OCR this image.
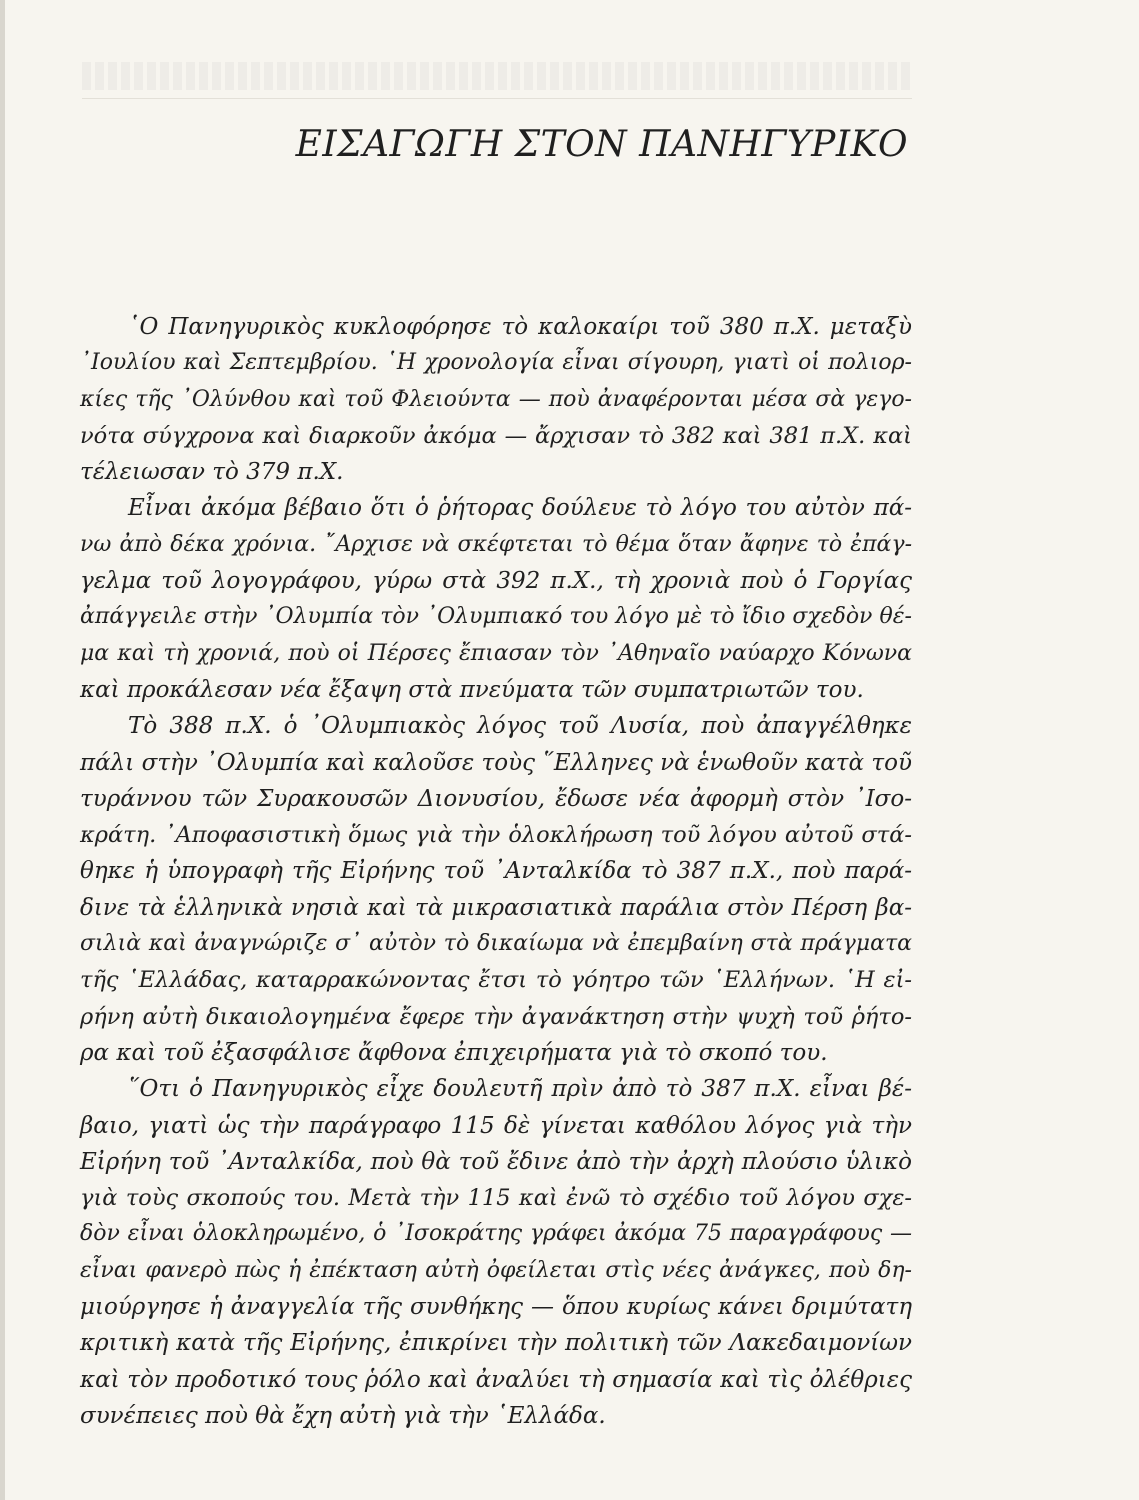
ΕΙΣΑΓΩΓΗ ΣΤΟΝ ΠΑΝΗΓΥΡΙΚΟ
῾Ο Πανηγυρικὸς κυκλοφόρησε τὸ καλοκαίρι τοῦ 380 π.Χ. μεταξὺ
᾿Ιουλίου καὶ Σεπτεμβρίου. ῾Η χρονολογία εἶναι σίγουρη, γιατὶ οἱ πολιορ-
κίες τῆς ᾿Ολύνθου καὶ τοῦ Φλειούντα — ποὺ ἀναφέρονται μέσα σὰ γεγο-
νότα σύγχρονα καὶ διαρκοῦν ἀκόμα — ἄρχισαν τὸ 382 καὶ 381 π.Χ. καὶ
τέλειωσαν τὸ 379 π.Χ.
Εἶναι ἀκόμα βέβαιο ὅτι ὁ ῥήτορας δούλευε τὸ λόγο του αὐτὸν πά-
νω ἀπὸ δέκα χρόνια. ῎Αρχισε νὰ σκέφτεται τὸ θέμα ὅταν ἄφηνε τὸ ἐπάγ-
γελμα τοῦ λογογράφου, γύρω στὰ 392 π.Χ., τὴ χρονιὰ ποὺ ὁ Γοργίας
ἀπάγγειλε στὴν ᾿Ολυμπία τὸν ᾿Ολυμπιακό του λόγο μὲ τὸ ἴδιο σχεδὸν θέ-
μα καὶ τὴ χρονιά, ποὺ οἱ Πέρσες ἔπιασαν τὸν ᾿Αθηναῖο ναύαρχο Κόνωνα
καὶ προκάλεσαν νέα ἔξαψη στὰ πνεύματα τῶν συμπατριωτῶν του.
Τὸ 388 π.Χ. ὁ ᾿Ολυμπιακὸς λόγος τοῦ Λυσία, ποὺ ἀπαγγέλθηκε
πάλι στὴν ᾿Ολυμπία καὶ καλοῦσε τοὺς ῞Ελληνες νὰ ἑνωθοῦν κατὰ τοῦ
τυράννου τῶν Συρακουσῶν Διονυσίου, ἔδωσε νέα ἀφορμὴ στὸν ᾿Ισο-
κράτη. ᾿Αποφασιστικὴ ὅμως γιὰ τὴν ὁλοκλήρωση τοῦ λόγου αὐτοῦ στά-
θηκε ἡ ὑπογραφὴ τῆς Εἰρήνης τοῦ ᾿Ανταλκίδα τὸ 387 π.Χ., ποὺ παρά-
δινε τὰ ἑλληνικὰ νησιὰ καὶ τὰ μικρασιατικὰ παράλια στὸν Πέρση βα-
σιλιὰ καὶ ἀναγνώριζε σ᾿ αὐτὸν τὸ δικαίωμα νὰ ἐπεμβαίνη στὰ πράγματα
τῆς ῾Ελλάδας, καταρρακώνοντας ἔτσι τὸ γόητρο τῶν ῾Ελλήνων. ῾Η εἰ-
ρήνη αὐτὴ δικαιολογημένα ἔφερε τὴν ἀγανάκτηση στὴν ψυχὴ τοῦ ῥήτο-
ρα καὶ τοῦ ἐξασφάλισε ἄφθονα ἐπιχειρήματα γιὰ τὸ σκοπό του.
῞Οτι ὁ Πανηγυρικὸς εἶχε δουλευτῆ πρὶν ἀπὸ τὸ 387 π.Χ. εἶναι βέ-
βαιο, γιατὶ ὡς τὴν παράγραφο 115 δὲ γίνεται καθόλου λόγος γιὰ τὴν
Εἰρήνη τοῦ ᾿Ανταλκίδα, ποὺ θὰ τοῦ ἔδινε ἀπὸ τὴν ἀρχὴ πλούσιο ὑλικὸ
γιὰ τοὺς σκοπούς του. Μετὰ τὴν 115 καὶ ἐνῶ τὸ σχέδιο τοῦ λόγου σχε-
δὸν εἶναι ὁλοκληρωμένο, ὁ ᾿Ισοκράτης γράφει ἀκόμα 75 παραγράφους —
εἶναι φανερὸ πὼς ἡ ἐπέκταση αὐτὴ ὀφείλεται στὶς νέες ἀνάγκες, ποὺ δη-
μιούργησε ἡ ἀναγγελία τῆς συνθήκης — ὅπου κυρίως κάνει δριμύτατη
κριτικὴ κατὰ τῆς Εἰρήνης, ἐπικρίνει τὴν πολιτικὴ τῶν Λακεδαιμονίων
καὶ τὸν προδοτικό τους ῥόλο καὶ ἀναλύει τὴ σημασία καὶ τὶς ὀλέθριες
συνέπειες ποὺ θὰ ἔχη αὐτὴ γιὰ τὴν ῾Ελλάδα.
